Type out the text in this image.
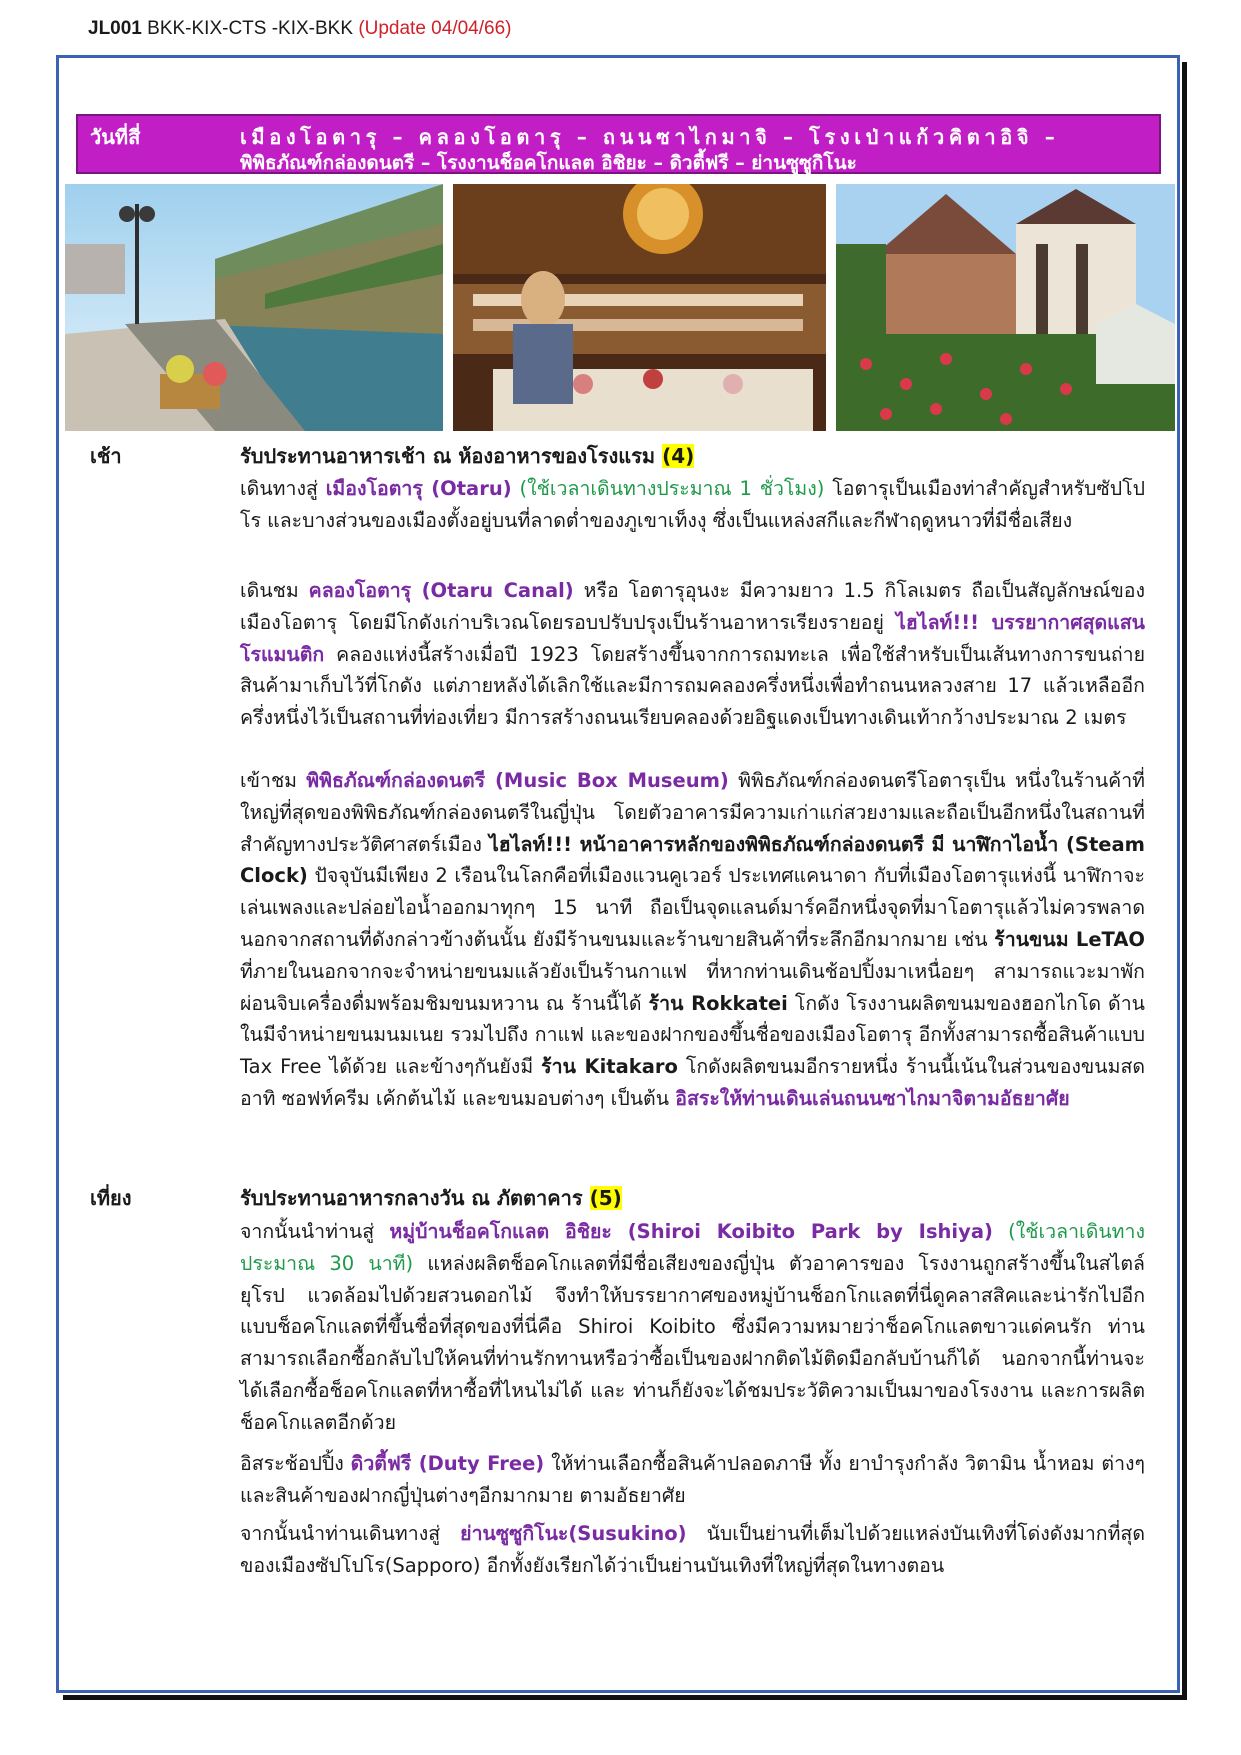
JL001 BKK-KIX-CTS -KIX-BKK (Update 04/04/66)
วันที่สี่	เมืองโอตารุ – คลองโอตารุ – ถนนซาไกมาจิ – โรงเป่าแก้วคิตาอิจิ –
พิพิธภัณฑ์กล่องดนตรี – โรงงานช็อคโกแลต อิชิยะ – ดิวตี้ฟรี – ย่านซูซูกิโนะ
เช้า	รับประทานอาหารเช้า ณ ห้องอาหารของโรงแรม (4)

เดินทางสู่ เมืองโอตารุ (Otaru) (ใช้เวลาเดินทางประมาณ 1 ชั่วโมง) โอตารุเป็นเมืองท่าสำคัญสำหรับซัปโปโร และบางส่วนของเมืองตั้งอยู่บนที่ลาดต่ำของภูเขาเท็งงุ ซึ่งเป็นแหล่งสกีและกีฬาฤดูหนาวที่มีชื่อเสียง

เดินชม คลองโอตารุ (Otaru Canal) หรือ โอตารุอุนงะ มีความยาว 1.5 กิโลเมตร ถือเป็นสัญลักษณ์ของเมืองโอตารุ โดยมีโกดังเก่าบริเวณโดยรอบปรับปรุงเป็นร้านอาหารเรียงรายอยู่ ไฮไลท์!!! บรรยากาศสุดแสนโรแมนติก คลองแห่งนี้สร้างเมื่อปี 1923 โดยสร้างขึ้นจากการถมทะเล เพื่อใช้สำหรับเป็นเส้นทางการขนถ่ายสินค้ามาเก็บไว้ที่โกดัง แต่ภายหลังได้เลิกใช้และมีการถมคลองครึ่งหนึ่งเพื่อทำถนนหลวงสาย 17 แล้วเหลืออีกครึ่งหนึ่งไว้เป็นสถานที่ท่องเที่ยว มีการสร้างถนนเรียบคลองด้วยอิฐแดงเป็นทางเดินเท้ากว้างประมาณ 2 เมตร

เข้าชม พิพิธภัณฑ์กล่องดนตรี (Music Box Museum) พิพิธภัณฑ์กล่องดนตรีโอตารุเป็น หนึ่งในร้านค้าที่ใหญ่ที่สุดของพิพิธภัณฑ์กล่องดนตรีในญี่ปุ่น โดยตัวอาคารมีความเก่าแก่สวยงามและถือเป็นอีกหนึ่งในสถานที่สำคัญทางประวัติศาสตร์เมือง ไฮไลท์!!! หน้าอาคารหลักของพิพิธภัณฑ์กล่องดนตรี มี นาฬิกาไอน้ำ (Steam Clock) ปัจจุบันมีเพียง 2 เรือนในโลกคือที่เมืองแวนคูเวอร์ ประเทศแคนาดา กับที่เมืองโอตารุแห่งนี้ นาฬิกาจะเล่นเพลงและปล่อยไอน้ำออกมาทุกๆ 15 นาที ถือเป็นจุดแลนด์มาร์คอีกหนึ่งจุดที่มาโอตารุแล้วไม่ควรพลาด นอกจากสถานที่ดังกล่าวข้างต้นนั้น ยังมีร้านขนมและร้านขายสินค้าที่ระลึกอีกมากมาย เช่น ร้านขนม LeTAO ที่ภายในนอกจากจะจำหน่ายขนมแล้วยังเป็นร้านกาแฟ ที่หากท่านเดินช้อปปิ้งมาเหนื่อยๆ สามารถแวะมาพักผ่อนจิบเครื่องดื่มพร้อมชิมขนมหวาน ณ ร้านนี้ได้ ร้าน Rokkatei โกดัง โรงงานผลิตขนมของฮอกไกโด ด้านในมีจำหน่ายขนมนมเนย รวมไปถึง กาแฟ และของฝากของขึ้นชื่อของเมืองโอตารุ อีกทั้งสามารถซื้อสินค้าแบบ Tax Free ได้ด้วย และข้างๆกันยังมี ร้าน Kitakaro โกดังผลิตขนมอีกรายหนึ่ง ร้านนี้เน้นในส่วนของขนมสด อาทิ ซอฟท์ครีม เค้กต้นไม้ และขนมอบต่างๆ เป็นต้น อิสระให้ท่านเดินเล่นถนนซาไกมาจิตามอัธยาศัย

เที่ยง	รับประทานอาหารกลางวัน ณ ภัตตาคาร (5)

จากนั้นนำท่านสู่ หมู่บ้านช็อคโกแลต อิชิยะ (Shiroi Koibito Park by Ishiya) (ใช้เวลาเดินทางประมาณ 30 นาที) แหล่งผลิตช็อคโกแลตที่มีชื่อเสียงของญี่ปุ่น ตัวอาคารของ โรงงานถูกสร้างขึ้นในสไตล์ยุโรป แวดล้อมไปด้วยสวนดอกไม้ จึงทำให้บรรยากาศของหมู่บ้านช็อกโกแลตที่นี่ดูคลาสสิคและน่ารักไปอีกแบบช็อคโกแลตที่ขึ้นชื่อที่สุดของที่นี่คือ Shiroi Koibito ซึ่งมีความหมายว่าช็อคโกแลตขาวแด่คนรัก ท่านสามารถเลือกซื้อกลับไปให้คนที่ท่านรักทานหรือว่าซื้อเป็นของฝากติดไม้ติดมือกลับบ้านก็ได้ นอกจากนี้ท่านจะได้เลือกซื้อช็อคโกแลตที่หาซื้อที่ไหนไม่ได้ และ ท่านก็ยังจะได้ชมประวัติความเป็นมาของโรงงาน และการผลิตช็อคโกแลตอีกด้วย

อิสระช้อปปิ้ง ดิวตี้ฟรี (Duty Free) ให้ท่านเลือกซื้อสินค้าปลอดภาษี ทั้ง ยาบำรุงกำลัง วิตามิน น้ำหอม ต่างๆ และสินค้าของฝากญี่ปุ่นต่างๆอีกมากมาย ตามอัธยาศัย

จากนั้นนำท่านเดินทางสู่ ย่านซูซูกิโนะ(Susukino) นับเป็นย่านที่เต็มไปด้วยแหล่งบันเทิงที่โด่งดังมากที่สุดของเมืองซัปโปโร(Sapporo) อีกทั้งยังเรียกได้ว่าเป็นย่านบันเทิงที่ใหญ่ที่สุดในทางตอน
